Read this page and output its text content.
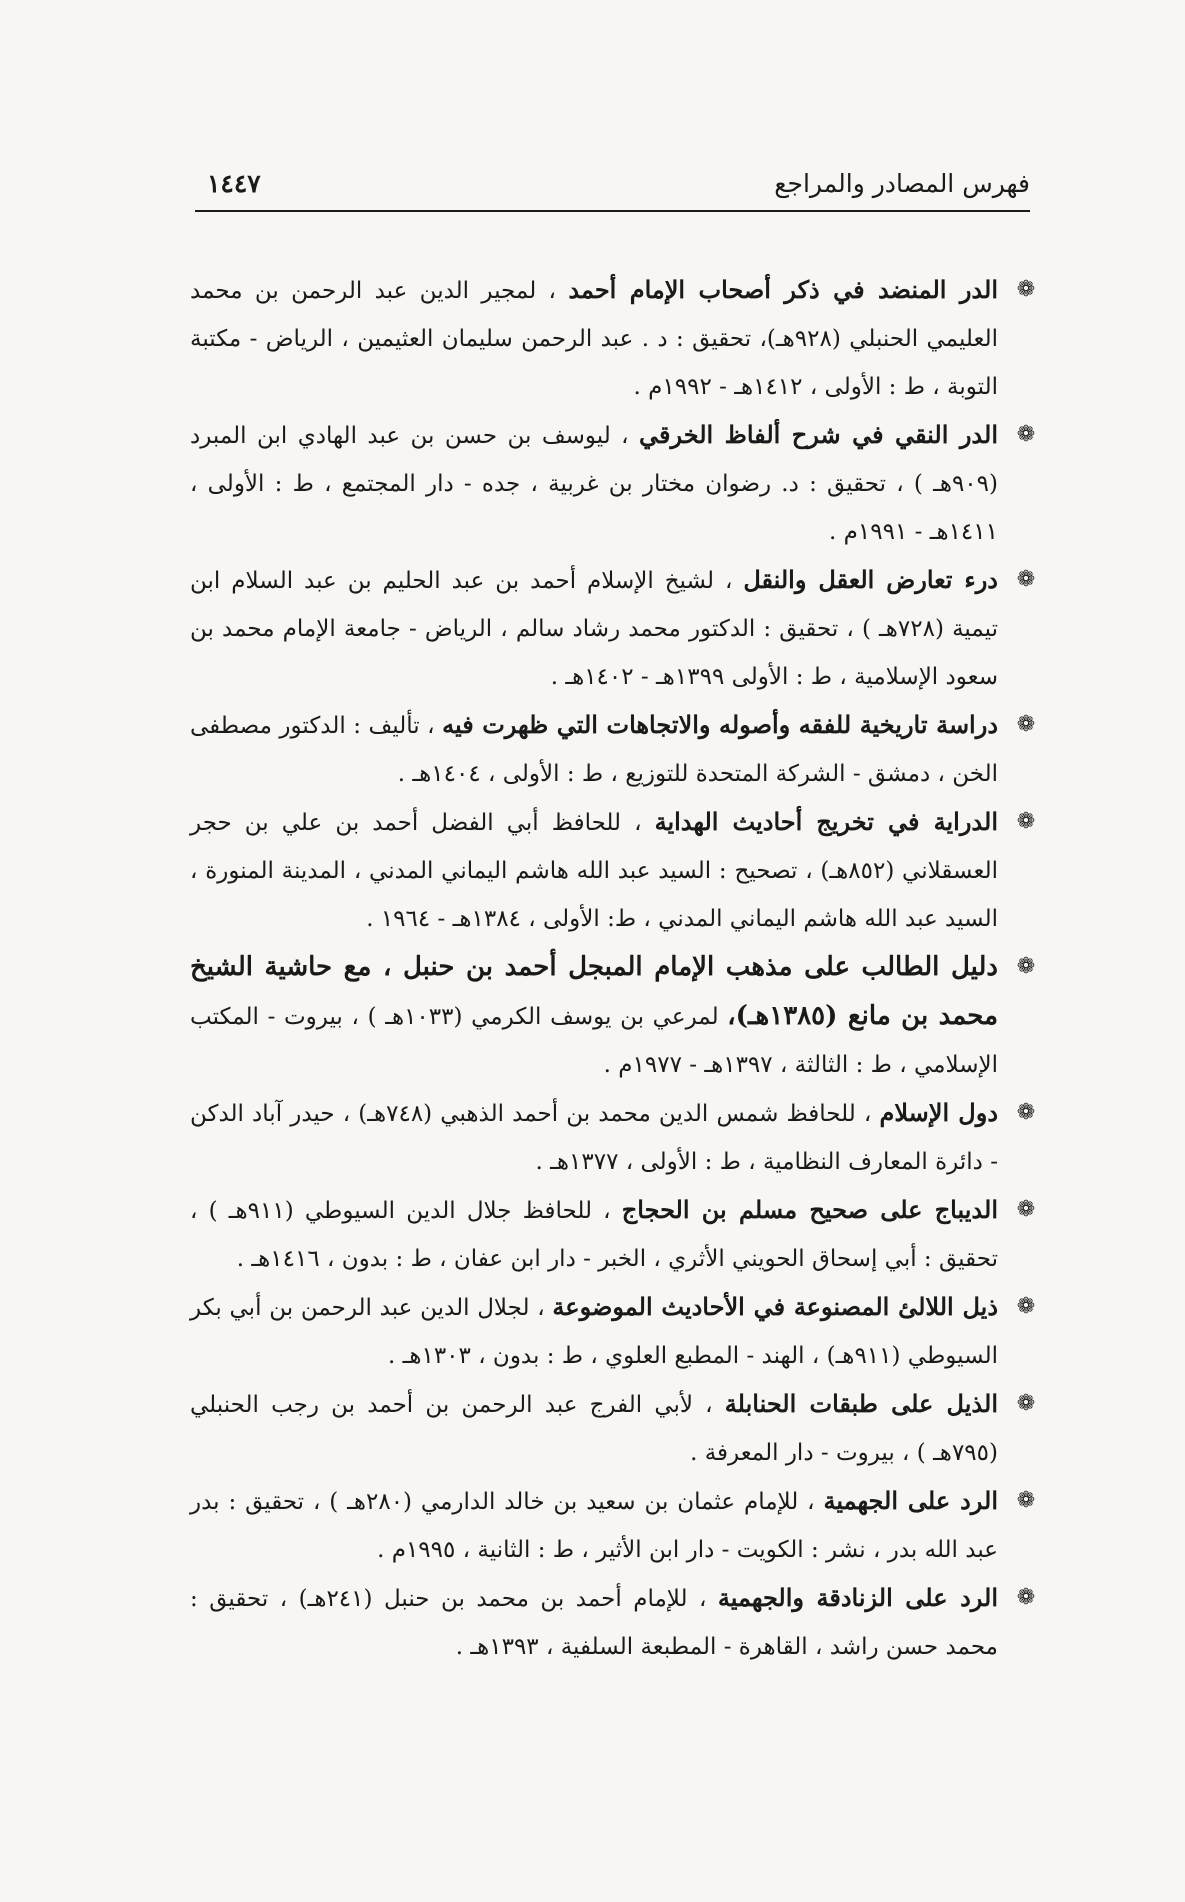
فهرس المصادر والمراجع
١٤٤٧
❁
الدر المنضد في ذكر أصحاب الإمام أحمد ، لمجير الدين عبد الرحمن بن محمد العليمي الحنبلي (٩٢٨هـ)، تحقيق : د . عبد الرحمن سليمان العثيمين ، الرياض - مكتبة التوبة ، ط : الأولى ، ١٤١٢هـ - ١٩٩٢م .
❁
الدر النقي في شرح ألفاظ الخرقي ، ليوسف بن حسن بن عبد الهادي ابن المبرد (٩٠٩هـ ) ، تحقيق : د. رضوان مختار بن غربية ، جده - دار المجتمع ، ط : الأولى ، ١٤١١هـ - ١٩٩١م .
❁
درء تعارض العقل والنقل ، لشيخ الإسلام أحمد بن عبد الحليم بن عبد السلام ابن تيمية (٧٢٨هـ ) ، تحقيق : الدكتور محمد رشاد سالم ، الرياض - جامعة الإمام محمد بن سعود الإسلامية ، ط : الأولى ١٣٩٩هـ - ١٤٠٢هـ .
❁
دراسة تاريخية للفقه وأصوله والاتجاهات التي ظهرت فيه ، تأليف : الدكتور مصطفى الخن ، دمشق - الشركة المتحدة للتوزيع ، ط : الأولى ، ١٤٠٤هـ .
❁
الدراية في تخريج أحاديث الهداية ، للحافظ أبي الفضل أحمد بن علي بن حجر العسقلاني (٨٥٢هـ) ، تصحيح : السيد عبد الله هاشم اليماني المدني ، المدينة المنورة ، السيد عبد الله هاشم اليماني المدني ، ط: الأولى ، ١٣٨٤هـ - ١٩٦٤ .
❁
دليل الطالب على مذهب الإمام المبجل أحمد بن حنبل ، مع حاشية الشيخ محمد بن مانع (١٣٨٥هـ)، لمرعي بن يوسف الكرمي (١٠٣٣هـ ) ، بيروت - المكتب الإسلامي ، ط : الثالثة ، ١٣٩٧هـ - ١٩٧٧م .
❁
دول الإسلام ، للحافظ شمس الدين محمد بن أحمد الذهبي (٧٤٨هـ) ، حيدر آباد الدكن - دائرة المعارف النظامية ، ط : الأولى ، ١٣٧٧هـ .
❁
الديباج على صحيح مسلم بن الحجاج ، للحافظ جلال الدين السيوطي (٩١١هـ ) ، تحقيق : أبي إسحاق الحويني الأثري ، الخبر - دار ابن عفان ، ط : بدون ، ١٤١٦هـ .
❁
ذيل اللالئ المصنوعة في الأحاديث الموضوعة ، لجلال الدين عبد الرحمن بن أبي بكر السيوطي (٩١١هـ) ، الهند - المطبع العلوي ، ط : بدون ، ١٣٠٣هـ .
❁
الذيل على طبقات الحنابلة ، لأبي الفرج عبد الرحمن بن أحمد بن رجب الحنبلي (٧٩٥هـ ) ، بيروت - دار المعرفة .
❁
الرد على الجهمية ، للإمام عثمان بن سعيد بن خالد الدارمي (٢٨٠هـ ) ، تحقيق : بدر عبد الله بدر ، نشر : الكويت - دار ابن الأثير ، ط : الثانية ، ١٩٩٥م .
❁
الرد على الزنادقة والجهمية ، للإمام أحمد بن محمد بن حنبل (٢٤١هـ) ، تحقيق : محمد حسن راشد ، القاهرة - المطبعة السلفية ، ١٣٩٣هـ .
